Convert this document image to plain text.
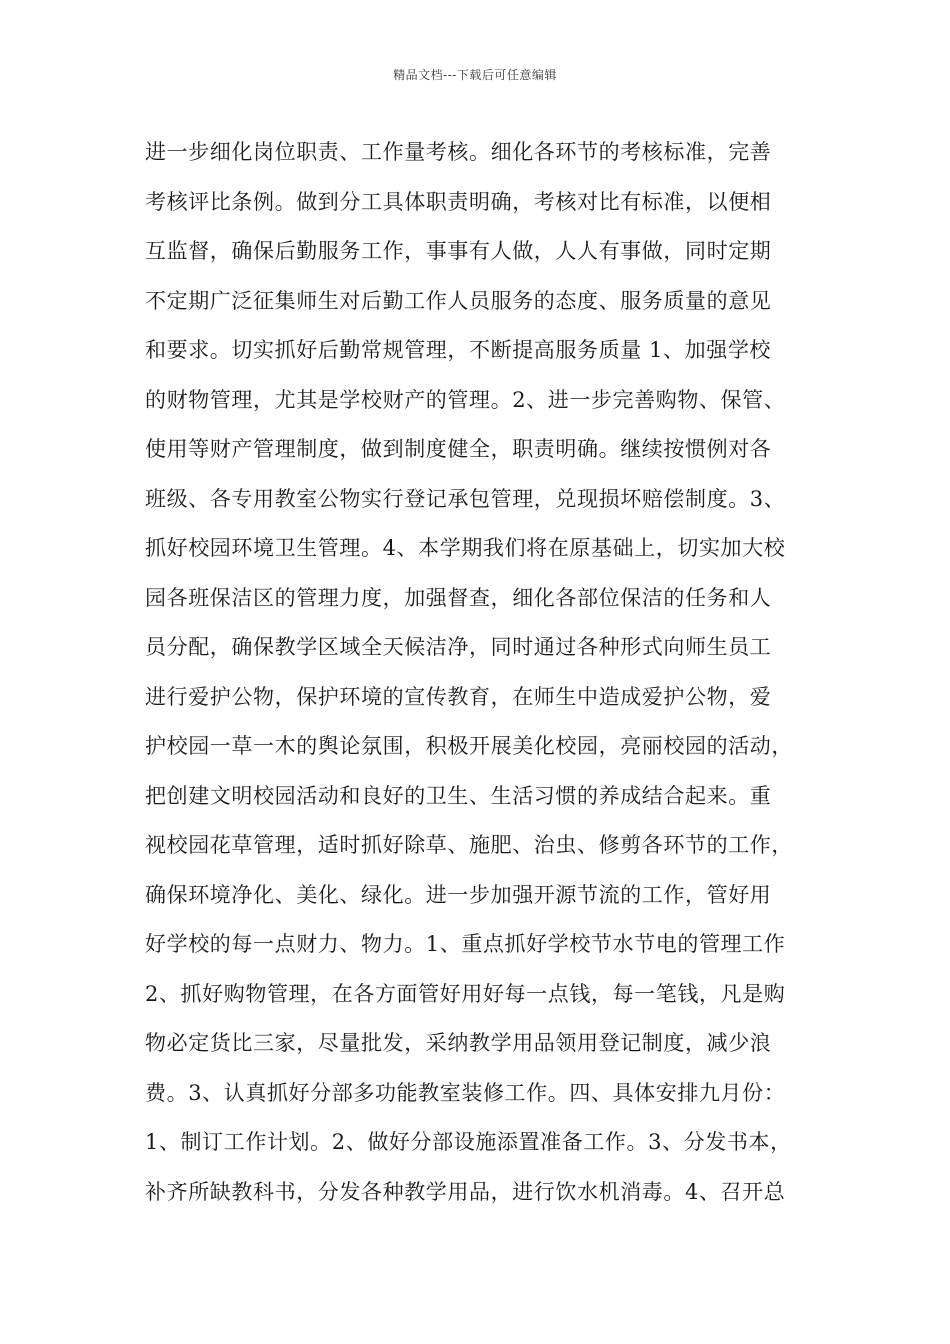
精品文档---下载后可任意编辑
进一步细化岗位职责、工作量考核。细化各环节的考核标准，完善
考核评比条例。做到分工具体职责明确，考核对比有标准，以便相
互监督，确保后勤服务工作，事事有人做，人人有事做，同时定期
不定期广泛征集师生对后勤工作人员服务的态度、服务质量的意见
和要求。切实抓好后勤常规管理，不断提高服务质量 1、加强学校
的财物管理，尤其是学校财产的管理。2、进一步完善购物、保管、
使用等财产管理制度，做到制度健全，职责明确。继续按惯例对各
班级、各专用教室公物实行登记承包管理，兑现损坏赔偿制度。3、
抓好校园环境卫生管理。4、本学期我们将在原基础上，切实加大校
园各班保洁区的管理力度，加强督查，细化各部位保洁的任务和人
员分配，确保教学区域全天候洁净，同时通过各种形式向师生员工
进行爱护公物，保护环境的宣传教育，在师生中造成爱护公物，爱
护校园一草一木的舆论氛围，积极开展美化校园，亮丽校园的活动，
把创建文明校园活动和良好的卫生、生活习惯的养成结合起来。重
视校园花草管理，适时抓好除草、施肥、治虫、修剪各环节的工作，
确保环境净化、美化、绿化。进一步加强开源节流的工作，管好用
好学校的每一点财力、物力。1、重点抓好学校节水节电的管理工作
2、抓好购物管理，在各方面管好用好每一点钱，每一笔钱，凡是购
物必定货比三家，尽量批发，采纳教学用品领用登记制度，减少浪
费。3、认真抓好分部多功能教室装修工作。四、具体安排九月份：
1、制订工作计划。2、做好分部设施添置准备工作。3、分发书本，
补齐所缺教科书，分发各种教学用品，进行饮水机消毒。4、召开总
